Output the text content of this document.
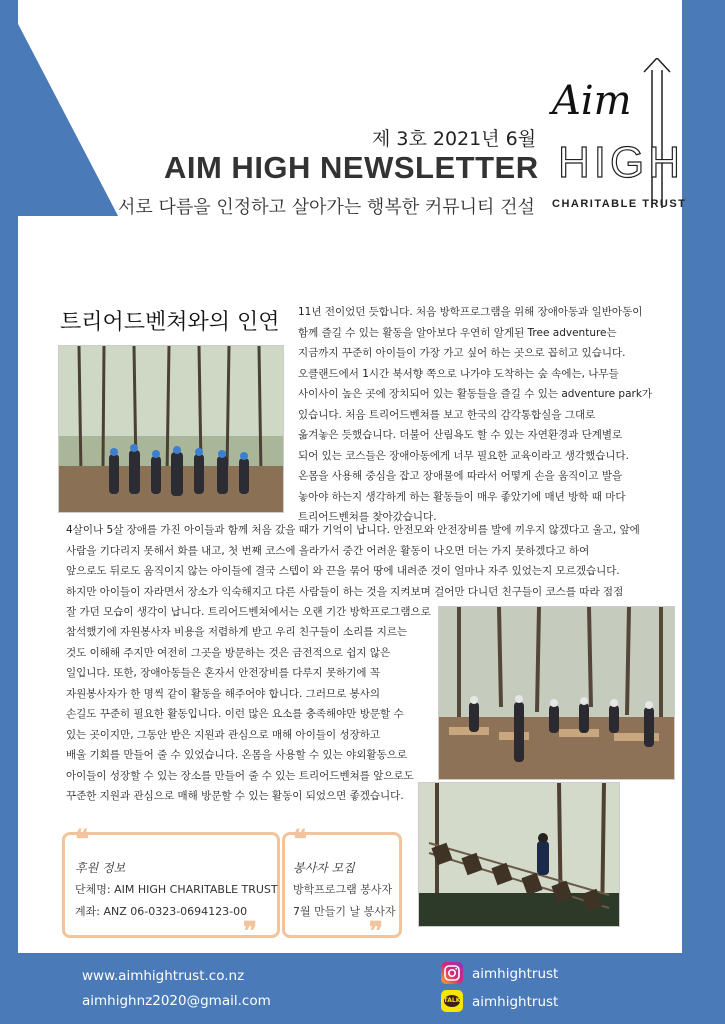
제 3호 2021년 6월
AIM HIGH NEWSLETTER
서로 다름을 인정하고 살아가는 행복한 커뮤니티 건설
Aim
HIGH
CHARITABLE TRUST
트리어드벤쳐와의 인연 11년 전이었던 듯합니다. 처음 방학프로그램을 위해 장애아동과 일반아동이
함께 즐길 수 있는 활동을 알아보다 우연히 알게된 Tree adventure는
지금까지 꾸준히 아이들이 가장 가고 싶어 하는 곳으로 꼽히고 있습니다.
오클랜드에서 1시간 북서향 쪽으로 나가야 도착하는 숲 속에는, 나무들
사이사이 높은 곳에 장치되어 있는 활동들을 즐길 수 있는 adventure park가
있습니다. 처음 트리어드벤쳐를 보고 한국의 감각통합실을 그대로
옮겨놓은 듯했습니다. 더불어 산림욕도 할 수 있는 자연환경과 단계별로
되어 있는 코스들은 장애아동에게 너무 필요한 교육이라고 생각했습니다.
온몸을 사용해 중심을 잡고 장애물에 따라서 어떻게 손을 움직이고 발을
놓아야 하는지 생각하게 하는 활동들이 매우 좋았기에 매년 방학 때 마다
트리어드벤쳐를 찾아갔습니다.
4살이나 5살 장애를 가진 아이들과 함께 처음 갔을 때가 기억이 납니다. 안전모와 안전장비를 발에 끼우지 않겠다고 울고, 앞에
사람을 기다리지 못해서 화를 내고, 첫 번째 코스에 올라가서 중간 어려운 활동이 나오면 더는 가지 못하겠다고 하여
앞으로도 뒤로도 움직이지 않는 아이들에 결국 스텝이 와 끈을 묶어 땅에 내려준 것이 얼마나 자주 있었는지 모르겠습니다.
하지만 아이들이 자라면서 장소가 익숙해지고 다른 사람들이 하는 것을 지켜보며 걸어만 다니던 친구들이 코스를 따라 점점
잘 가던 모습이 생각이 납니다. 트리어드벤쳐에서는 오랜 기간 방학프로그램으로
참석했기에 자원봉사자 비용을 저렴하게 받고 우리 친구들이 소리를 지르는
것도 이해해 주지만 여전히 그곳을 방문하는 것은 금전적으로 쉽지 않은
일입니다. 또한, 장애아동들은 혼자서 안전장비를 다루지 못하기에 꼭
자원봉사자가 한 명씩 같이 활동을 해주어야 합니다. 그러므로 봉사의
손길도 꾸준히 필요한 활동입니다. 이런 많은 요소를 충족해야만 방문할 수
있는 곳이지만, 그동안 받은 지원과 관심으로 매해 아이들이 성장하고
배울 기회를 만들어 줄 수 있었습니다. 온몸을 사용할 수 있는 야외활동으로
아이들이 성장할 수 있는 장소를 만들어 줄 수 있는 트리어드벤쳐를 앞으로도
꾸준한 지원과 관심으로 매해 방문할 수 있는 활동이 되었으면 좋겠습니다.
❝
❞
후원 정보
단체명: AIM HIGH CHARITABLE TRUST
계좌: ANZ 06-0323-0694123-00
❝
❞
봉사자 모집
방학프로그램 봉사자
7월 만들기 날 봉사자
www.aimhightrust.co.nz
aimhighnz2020@gmail.com
aimhightrust
TALK aimhightrust
